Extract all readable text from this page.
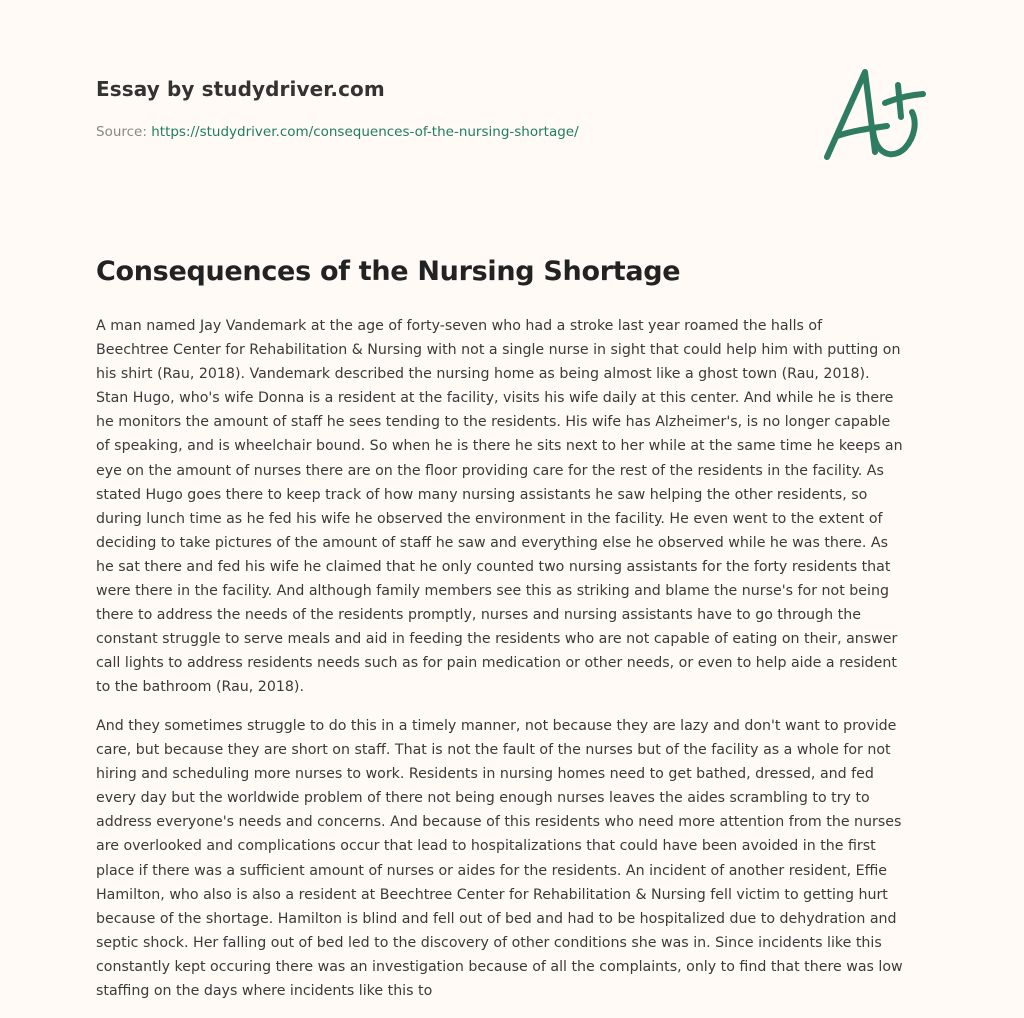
Essay by studydriver.com
Source: https://studydriver.com/consequences-of-the-nursing-shortage/
Consequences of the Nursing Shortage
A man named Jay Vandemark at the age of forty-seven who had a stroke last year roamed the halls of
Beechtree Center for Rehabilitation & Nursing with not a single nurse in sight that could help him with putting on
his shirt (Rau, 2018). Vandemark described the nursing home as being almost like a ghost town (Rau, 2018).
Stan Hugo, who's wife Donna is a resident at the facility, visits his wife daily at this center. And while he is there
he monitors the amount of staff he sees tending to the residents. His wife has Alzheimer's, is no longer capable
of speaking, and is wheelchair bound. So when he is there he sits next to her while at the same time he keeps an
eye on the amount of nurses there are on the floor providing care for the rest of the residents in the facility. As
stated Hugo goes there to keep track of how many nursing assistants he saw helping the other residents, so
during lunch time as he fed his wife he observed the environment in the facility. He even went to the extent of
deciding to take pictures of the amount of staff he saw and everything else he observed while he was there. As
he sat there and fed his wife he claimed that he only counted two nursing assistants for the forty residents that
were there in the facility. And although family members see this as striking and blame the nurse's for not being
there to address the needs of the residents promptly, nurses and nursing assistants have to go through the
constant struggle to serve meals and aid in feeding the residents who are not capable of eating on their, answer
call lights to address residents needs such as for pain medication or other needs, or even to help aide a resident
to the bathroom (Rau, 2018).
And they sometimes struggle to do this in a timely manner, not because they are lazy and don't want to provide
care, but because they are short on staff. That is not the fault of the nurses but of the facility as a whole for not
hiring and scheduling more nurses to work. Residents in nursing homes need to get bathed, dressed, and fed
every day but the worldwide problem of there not being enough nurses leaves the aides scrambling to try to
address everyone's needs and concerns. And because of this residents who need more attention from the nurses
are overlooked and complications occur that lead to hospitalizations that could have been avoided in the first
place if there was a sufficient amount of nurses or aides for the residents. An incident of another resident, Effie
Hamilton, who also is also a resident at Beechtree Center for Rehabilitation & Nursing fell victim to getting hurt
because of the shortage. Hamilton is blind and fell out of bed and had to be hospitalized due to dehydration and
septic shock. Her falling out of bed led to the discovery of other conditions she was in. Since incidents like this
constantly kept occuring there was an investigation because of all the complaints, only to find that there was low
staffing on the days where incidents like this to
